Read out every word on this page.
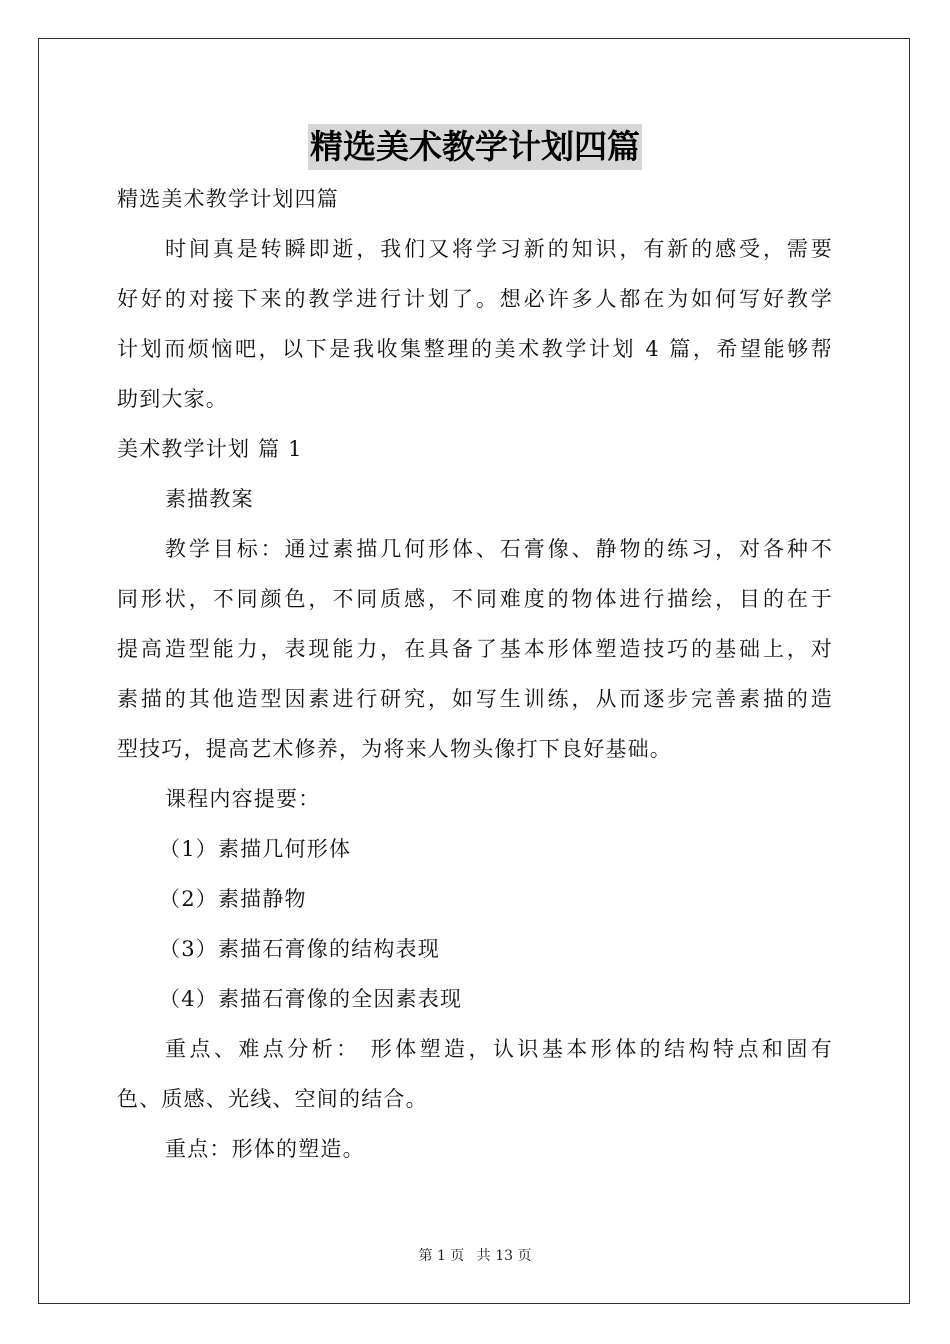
精选美术教学计划四篇
精选美术教学计划四篇
时间真是转瞬即逝，我们又将学习新的知识，有新的感受，需要
好好的对接下来的教学进行计划了。想必许多人都在为如何写好教学
计划而烦恼吧，以下是我收集整理的美术教学计划 4 篇，希望能够帮
助到大家。
美术教学计划 篇 1
素描教案
教学目标：通过素描几何形体、石膏像、静物的练习，对各种不
同形状，不同颜色，不同质感，不同难度的物体进行描绘，目的在于
提高造型能力，表现能力，在具备了基本形体塑造技巧的基础上，对
素描的其他造型因素进行研究，如写生训练，从而逐步完善素描的造
型技巧，提高艺术修养，为将来人物头像打下良好基础。
课程内容提要：
（1）素描几何形体
（2）素描静物
（3）素描石膏像的结构表现
（4）素描石膏像的全因素表现
重点、难点分析： 形体塑造，认识基本形体的结构特点和固有
色、质感、光线、空间的结合。
重点：形体的塑造。
第 1 页 共 13 页
